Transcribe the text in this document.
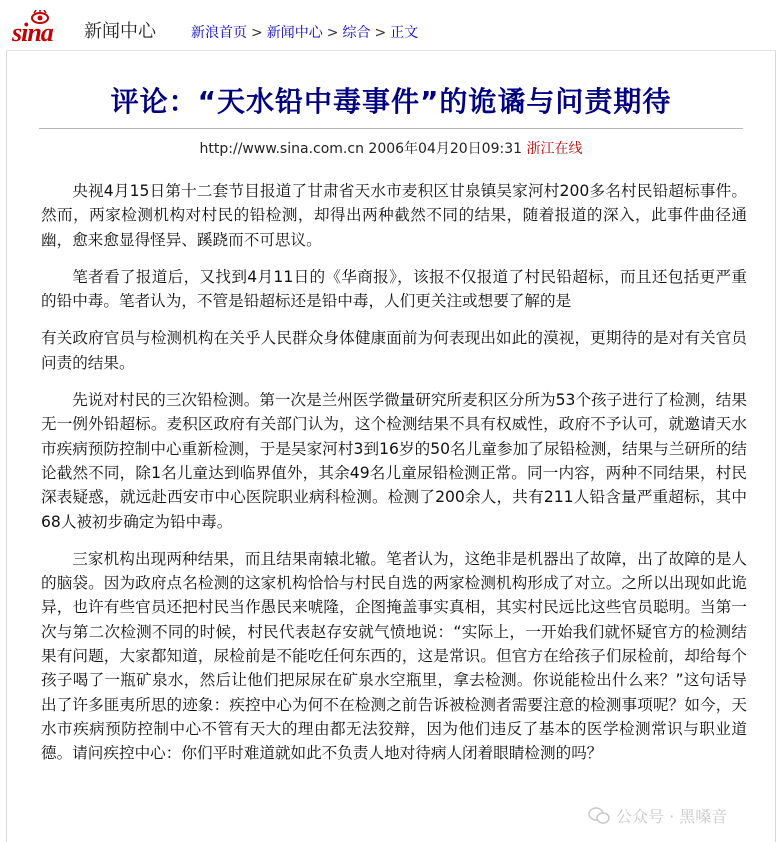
sina 新闻中心	新浪首页 > 新闻中心 > 综合 > 正文
评论：“天水铅中毒事件”的诡谲与问责期待
http://www.sina.com.cn 2006年04月20日09:31 浙江在线

央视4月15日第十二套节目报道了甘肃省天水市麦积区甘泉镇吴家河村200多名村民铅超标事件。然而，两家检测机构对村民的铅检测，却得出两种截然不同的结果，随着报道的深入，此事件曲径通幽，愈来愈显得怪异、蹊跷而不可思议。

笔者看了报道后，又找到4月11日的《华商报》，该报不仅报道了村民铅超标，而且还包括更严重的铅中毒。笔者认为，不管是铅超标还是铅中毒，人们更关注或想要了解的是

有关政府官员与检测机构在关乎人民群众身体健康面前为何表现出如此的漠视，更期待的是对有关官员问责的结果。

先说对村民的三次铅检测。第一次是兰州医学微量研究所麦积区分所为53个孩子进行了检测，结果无一例外铅超标。麦积区政府有关部门认为，这个检测结果不具有权威性，政府不予认可，就邀请天水市疾病预防控制中心重新检测，于是吴家河村3到16岁的50名儿童参加了尿铅检测，结果与兰研所的结论截然不同，除1名儿童达到临界值外，其余49名儿童尿铅检测正常。同一内容，两种不同结果，村民深表疑惑，就远赴西安市中心医院职业病科检测。检测了200余人，共有211人铅含量严重超标，其中68人被初步确定为铅中毒。

三家机构出现两种结果，而且结果南辕北辙。笔者认为，这绝非是机器出了故障，出了故障的是人的脑袋。因为政府点名检测的这家机构恰恰与村民自选的两家检测机构形成了对立。之所以出现如此诡异，也许有些官员还把村民当作愚民来唬隆，企图掩盖事实真相，其实村民远比这些官员聪明。当第一次与第二次检测不同的时候，村民代表赵存安就气愤地说：“实际上，一开始我们就怀疑官方的检测结果有问题，大家都知道，尿检前是不能吃任何东西的，这是常识。但官方在给孩子们尿检前，却给每个孩子喝了一瓶矿泉水，然后让他们把尿尿在矿泉水空瓶里，拿去检测。你说能检出什么来？”这句话导出了许多匪夷所思的迹象：疾控中心为何不在检测之前告诉被检测者需要注意的检测事项呢？如今，天水市疾病预防控制中心不管有天大的理由都无法狡辩，因为他们违反了基本的医学检测常识与职业道德。请问疾控中心：你们平时难道就如此不负责人地对待病人闭着眼睛检测的吗？

公众号 · 黑嗓音
